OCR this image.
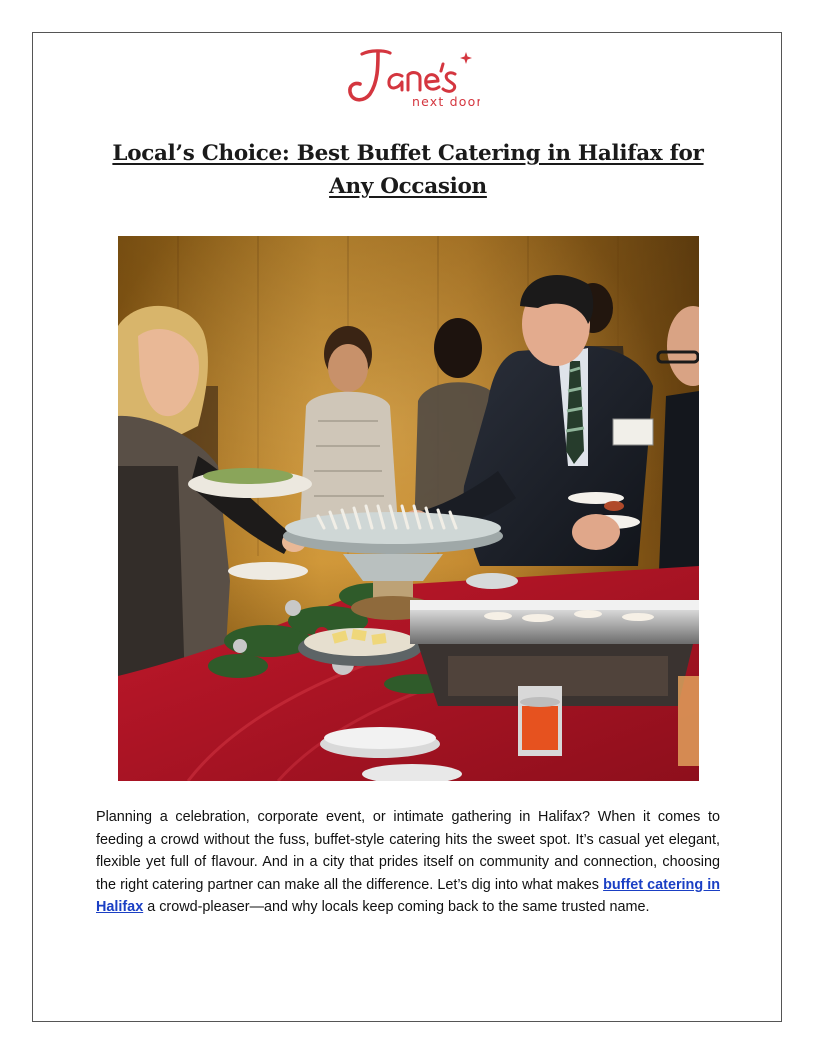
next door
Jane's
Local’s Choice: Best Buffet Catering in Halifax for Any Occasion
Planning a celebration, corporate event, or intimate gathering in Halifax? When it comes to feeding a crowd without the fuss, buffet-style catering hits the sweet spot. It’s casual yet elegant, flexible yet full of flavour. And in a city that prides itself on community and connection, choosing the right catering partner can make all the difference. Let’s dig into what makes buffet catering in Halifax a crowd-pleaser—and why locals keep coming back to the same trusted name.
